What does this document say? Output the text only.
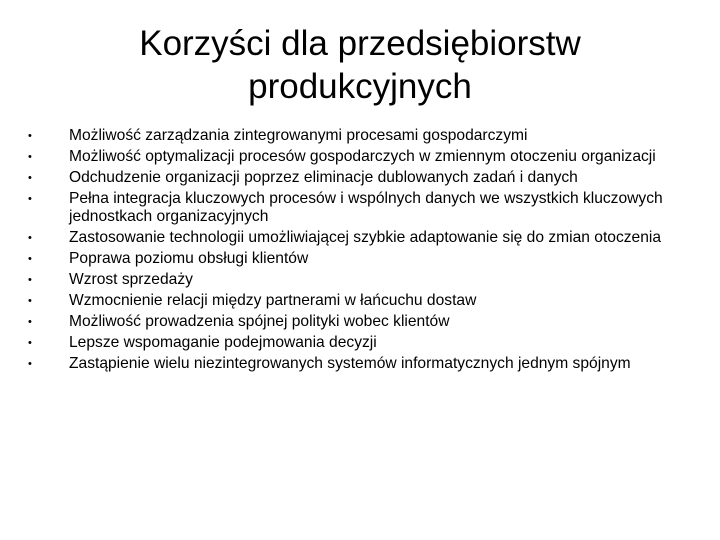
Korzyści dla przedsiębiorstw
produkcyjnych
• Możliwość zarządzania zintegrowanymi procesami gospodarczymi
• Możliwość optymalizacji procesów gospodarczych w zmiennym otoczeniu organizacji
• Odchudzenie organizacji poprzez eliminacje dublowanych zadań i danych
• Pełna integracja kluczowych procesów i wspólnych danych we wszystkich kluczowych jednostkach organizacyjnych
• Zastosowanie technologii umożliwiającej szybkie adaptowanie się do zmian otoczenia
• Poprawa poziomu obsługi klientów
• Wzrost sprzedaży
• Wzmocnienie relacji między partnerami w łańcuchu dostaw
• Możliwość prowadzenia spójnej polityki wobec klientów
• Lepsze wspomaganie podejmowania decyzji
• Zastąpienie wielu niezintegrowanych systemów informatycznych jednym spójnym
